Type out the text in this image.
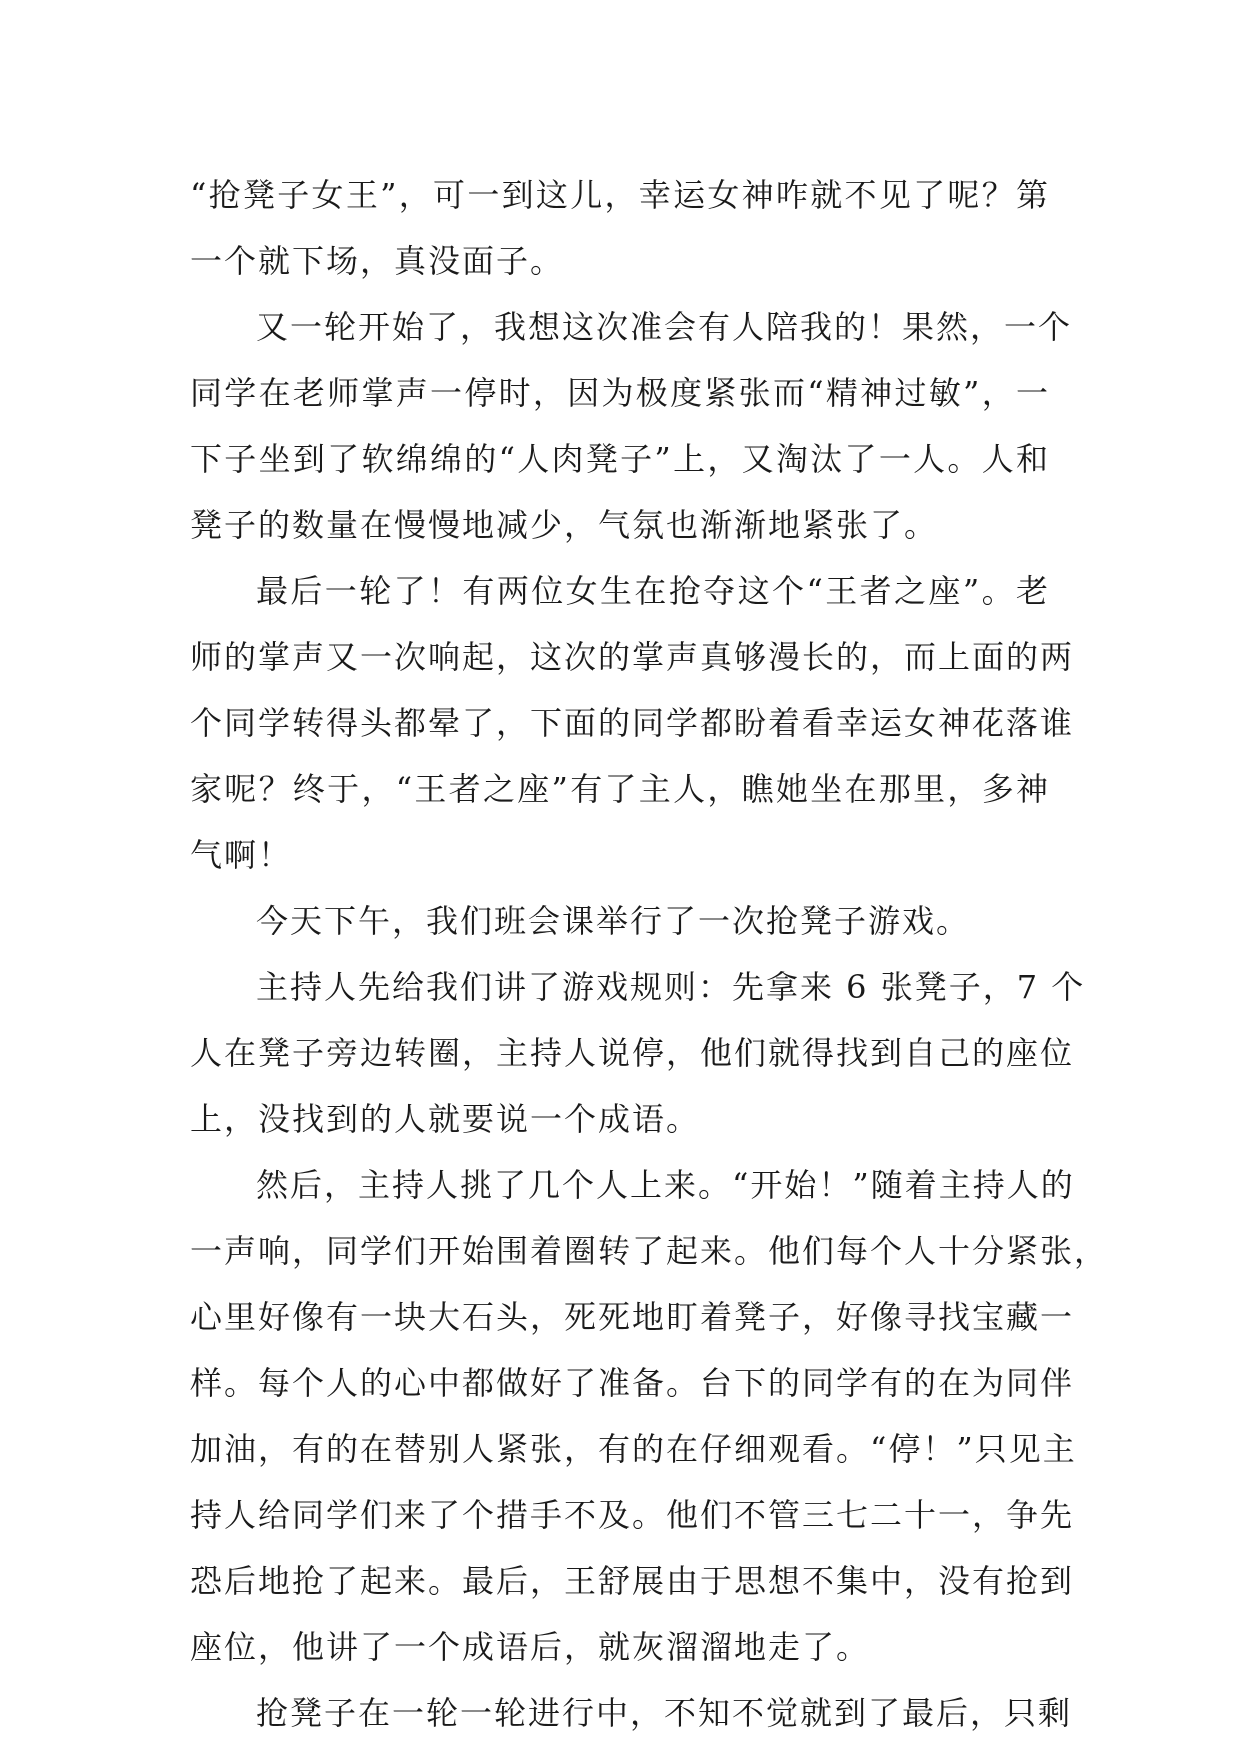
“抢凳子女王”，可一到这儿，幸运女神咋就不见了呢？第
一个就下场，真没面子。
又一轮开始了，我想这次准会有人陪我的！果然，一个
同学在老师掌声一停时，因为极度紧张而“精神过敏”，一
下子坐到了软绵绵的“人肉凳子”上，又淘汰了一人。人和
凳子的数量在慢慢地减少，气氛也渐渐地紧张了。
最后一轮了！有两位女生在抢夺这个“王者之座”。老
师的掌声又一次响起，这次的掌声真够漫长的，而上面的两
个同学转得头都晕了，下面的同学都盼着看幸运女神花落谁
家呢？终于，“王者之座”有了主人，瞧她坐在那里，多神
气啊！
今天下午，我们班会课举行了一次抢凳子游戏。
主持人先给我们讲了游戏规则：先拿来 6 张凳子，7 个
人在凳子旁边转圈，主持人说停，他们就得找到自己的座位
上，没找到的人就要说一个成语。
然后，主持人挑了几个人上来。“开始！”随着主持人的
一声响，同学们开始围着圈转了起来。他们每个人十分紧张，
心里好像有一块大石头，死死地盯着凳子，好像寻找宝藏一
样。每个人的心中都做好了准备。台下的同学有的在为同伴
加油，有的在替别人紧张，有的在仔细观看。“停！”只见主
持人给同学们来了个措手不及。他们不管三七二十一，争先
恐后地抢了起来。最后，王舒展由于思想不集中，没有抢到
座位，他讲了一个成语后，就灰溜溜地走了。
抢凳子在一轮一轮进行中，不知不觉就到了最后，只剩
